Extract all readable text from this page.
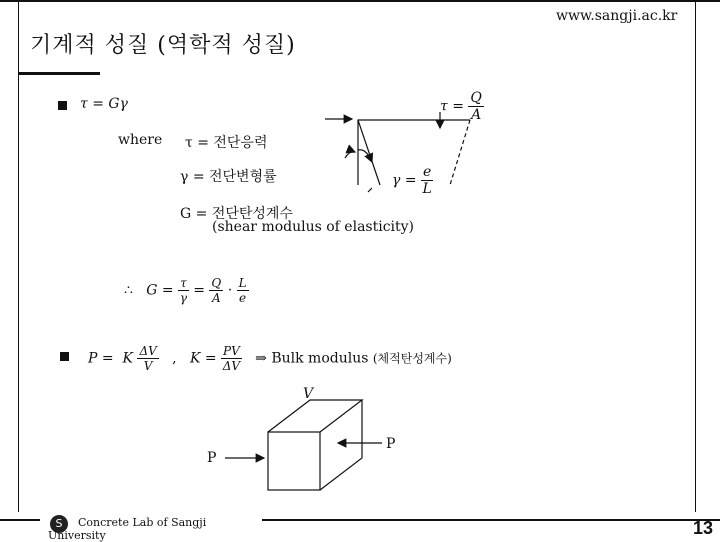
www.sangji.ac.kr
기계적 성질 (역학적 성질)
τ = Gγ
where τ = 전단응력
γ = 전단변형률
G = 전단탄성계수
(shear modulus of elasticity)
$\tau = \frac{Q}{A}$
$\gamma = \frac{e}{L}$
∴ $G = \frac{\tau}{\gamma} = \frac{Q}{A} \cdot \frac{L}{e}$
P = K $\frac{\Delta V}{V}$ , $K = \frac{PV}{\Delta V}$ ⇒ Bulk modulus (체적탄성계수)
V
P
P
S	Concrete Lab of Sangji
University	13
